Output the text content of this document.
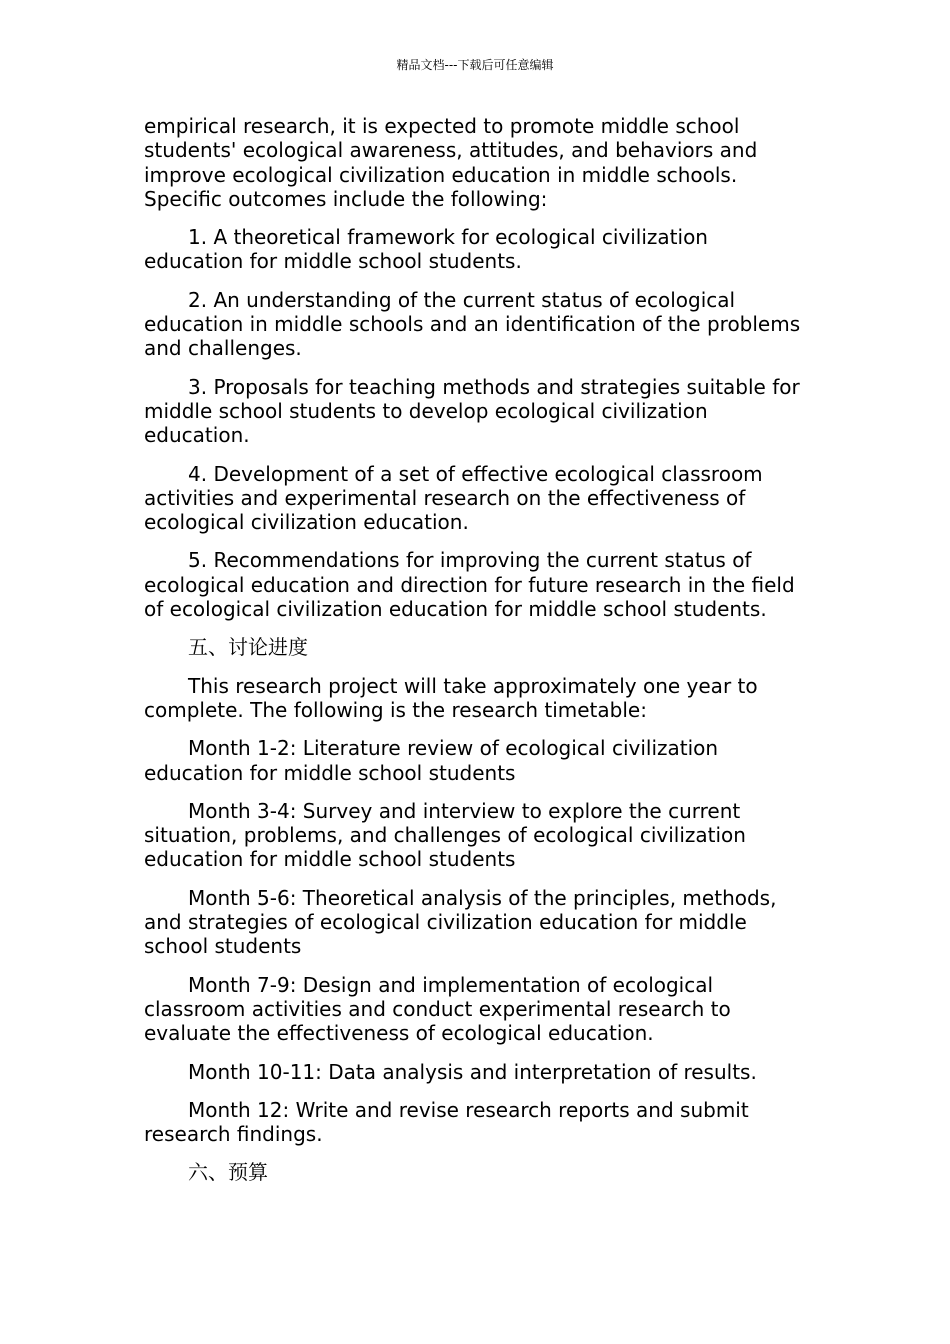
精品文档---下载后可任意编辑

empirical research, it is expected to promote middle school students' ecological awareness, attitudes, and behaviors and improve ecological civilization education in middle schools. Specific outcomes include the following:

1. A theoretical framework for ecological civilization education for middle school students.

2. An understanding of the current status of ecological education in middle schools and an identification of the problems and challenges.

3. Proposals for teaching methods and strategies suitable for middle school students to develop ecological civilization education.

4. Development of a set of effective ecological classroom activities and experimental research on the effectiveness of ecological civilization education.

5. Recommendations for improving the current status of ecological education and direction for future research in the field of ecological civilization education for middle school students.

五、讨论进度

This research project will take approximately one year to complete. The following is the research timetable:

Month 1-2: Literature review of ecological civilization education for middle school students

Month 3-4: Survey and interview to explore the current situation, problems, and challenges of ecological civilization education for middle school students

Month 5-6: Theoretical analysis of the principles, methods, and strategies of ecological civilization education for middle school students

Month 7-9: Design and implementation of ecological classroom activities and conduct experimental research to evaluate the effectiveness of ecological education.

Month 10-11: Data analysis and interpretation of results.

Month 12: Write and revise research reports and submit research findings.

六、预算
